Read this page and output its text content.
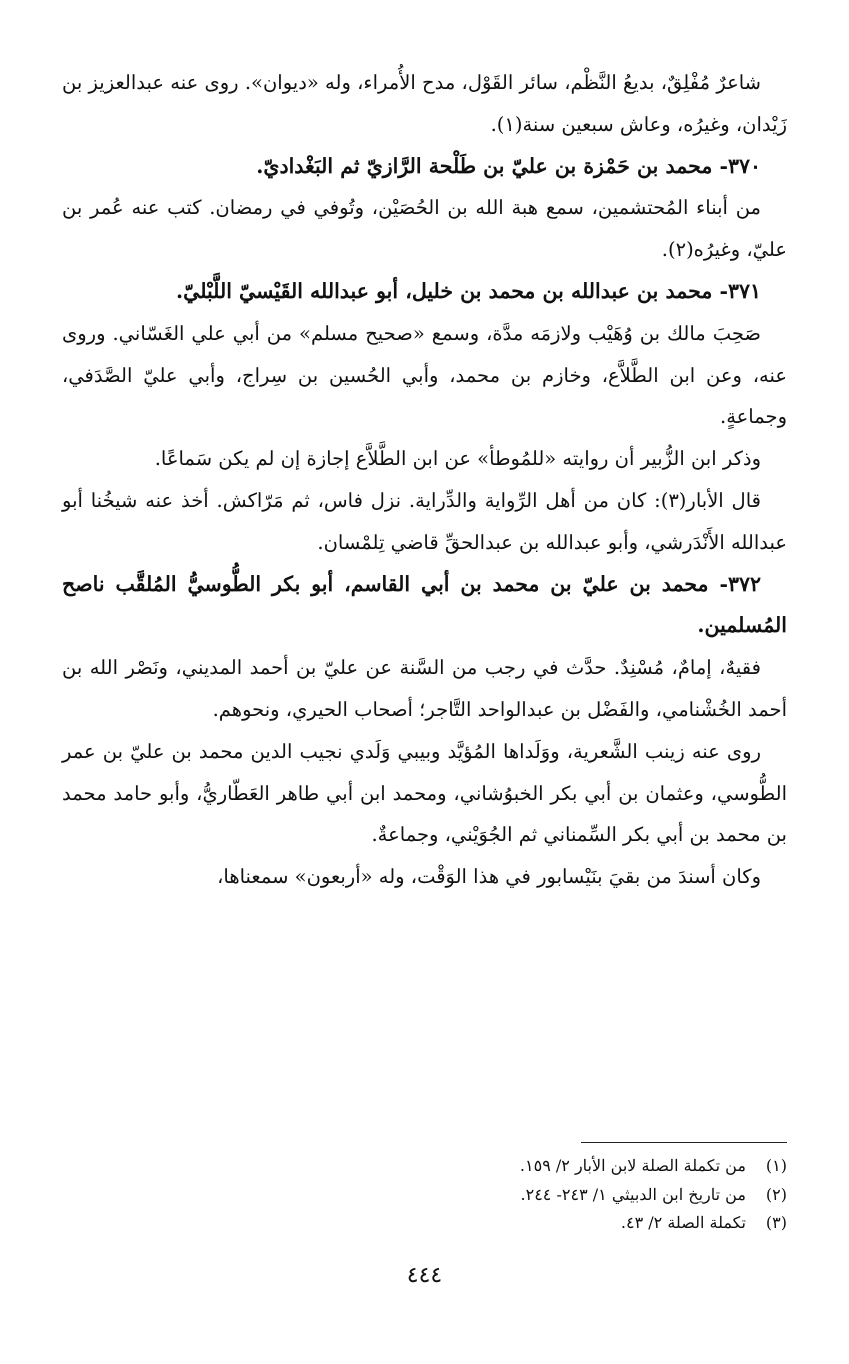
شاعرٌ مُفْلِقٌ، بديعُ النَّظْم، سائر القَوْل، مدح الأُمراء، وله «ديوان». روى عنه عبدالعزيز بن زَيْدان، وغيرُه، وعاش سبعين سنة(١).

٣٧٠- محمد بن حَمْزة بن عليّ بن طَلْحة الرَّازيّ ثم البَغْداديّ.

من أبناء المُحتشمين، سمع هبة الله بن الحُصَيْن، وتُوفي في رمضان. كتب عنه عُمر بن عليّ، وغيرُه(٢).

٣٧١- محمد بن عبدالله بن محمد بن خليل، أبو عبدالله القَيْسيّ اللَّبْليّ.

صَحِبَ مالك بن وُهَيْب ولازمَه مدَّة، وسمع «صحيح مسلم» من أبي علي الغَسّاني. وروى عنه، وعن ابن الطَّلاَّع، وخازم بن محمد، وأبي الحُسين بن سِراج، وأبي عليّ الصَّدَفي، وجماعةٍ.

وذكر ابن الزُّبير أن روايته «للمُوطأ» عن ابن الطَّلاَّع إجازة إن لم يكن سَماعًا.

قال الأبار(٣): كان من أهل الرِّواية والدِّراية. نزل فاس، ثم مَرّاكش. أخذ عنه شيخُنا أبو عبدالله الأَنْدَرشي، وأبو عبدالله بن عبدالحقِّ قاضي تِلمْسان.

٣٧٢- محمد بن عليّ بن محمد بن أبي القاسم، أبو بكر الطُّوسيُّ المُلقَّب ناصح المُسلمين.

فقيهٌ، إمامٌ، مُسْنِدٌ. حدَّث في رجب من السَّنة عن عليّ بن أحمد المديني، ونَصْر الله بن أحمد الخُشْنامي، والفَضْل بن عبدالواحد التَّاجر؛ أصحاب الحيري، ونحوهم.

روى عنه زينب الشَّعرية، ووَلَداها المُؤيَّد وبيبي وَلَدي نجيب الدين محمد بن عليّ بن عمر الطُّوسي، وعثمان بن أبي بكر الخبوُشاني، ومحمد ابن أبي طاهر العَطّاريُّ، وأبو حامد محمد بن محمد بن أبي بكر السِّمناني ثم الجُوَيْني، وجماعةٌ.

وكان أسندَ من بقيَ بنَيْسابور في هذا الوَقْت، وله «أربعون» سمعناها،

(١) من تكملة الصلة لابن الأبار ٢/ ١٥٩.

(٢) من تاريخ ابن الدبيثي ١/ ٢٤٣- ٢٤٤.

(٣) تكملة الصلة ٢/ ٤٣.

٤٤٤
